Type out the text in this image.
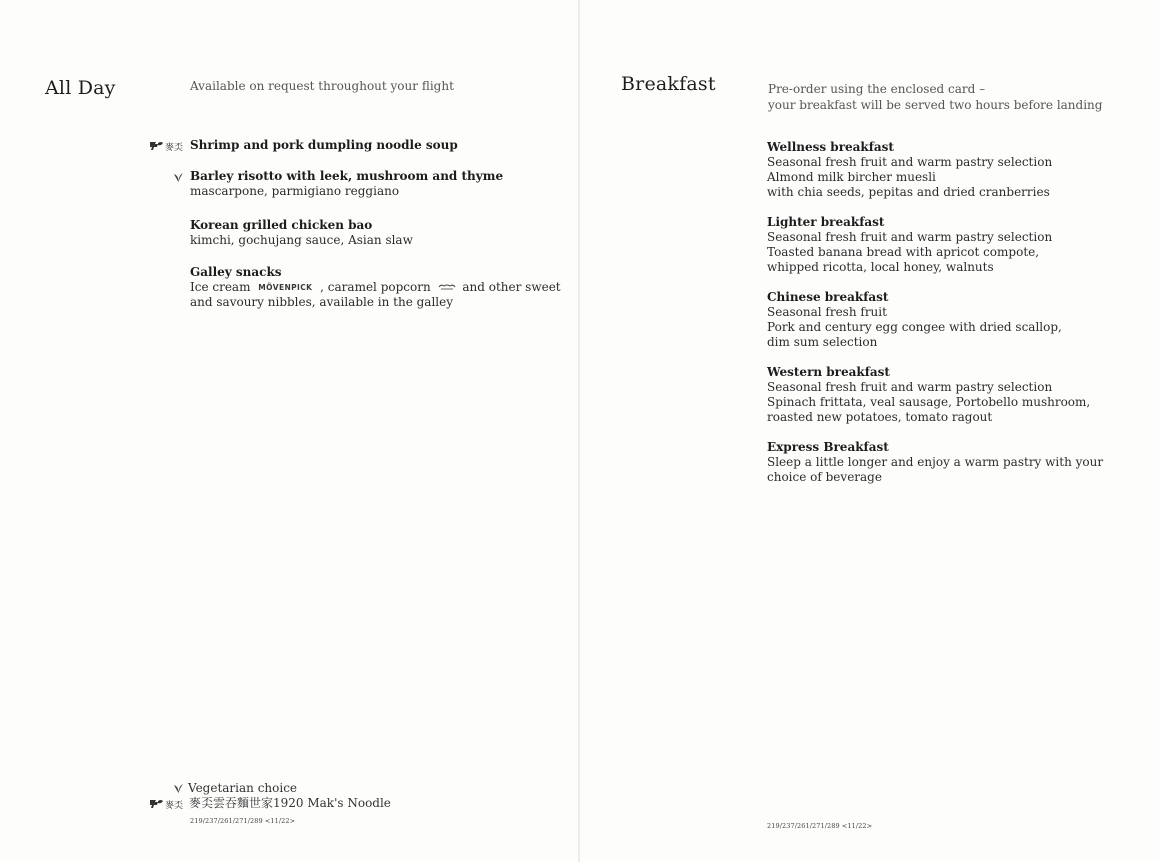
All Day	Available on request throughout your flight
麥奀 Shrimp and pork dumpling noodle soup
Barley risotto with leek, mushroom and thyme
mascarpone, parmigiano reggiano
Korean grilled chicken bao
kimchi, gochujang sauce, Asian slaw
Galley snacks
Ice cream MÖVENPICK , caramel popcorn	and other sweet
and savoury nibbles, available in the galley
Vegetarian choice
麥奀 麥奀雲吞麵世家1920 Mak's Noodle
219/237/261/271/289 <11/22>
Breakfast	Pre-order using the enclosed card –
your breakfast will be served two hours before landing
Wellness breakfast
Seasonal fresh fruit and warm pastry selection
Almond milk bircher muesli
with chia seeds, pepitas and dried cranberries
Lighter breakfast
Seasonal fresh fruit and warm pastry selection
Toasted banana bread with apricot compote,
whipped ricotta, local honey, walnuts
Chinese breakfast
Seasonal fresh fruit
Pork and century egg congee with dried scallop,
dim sum selection
Western breakfast
Seasonal fresh fruit and warm pastry selection
Spinach frittata, veal sausage, Portobello mushroom,
roasted new potatoes, tomato ragout
Express Breakfast
Sleep a little longer and enjoy a warm pastry with your
choice of beverage
219/237/261/271/289 <11/22>
